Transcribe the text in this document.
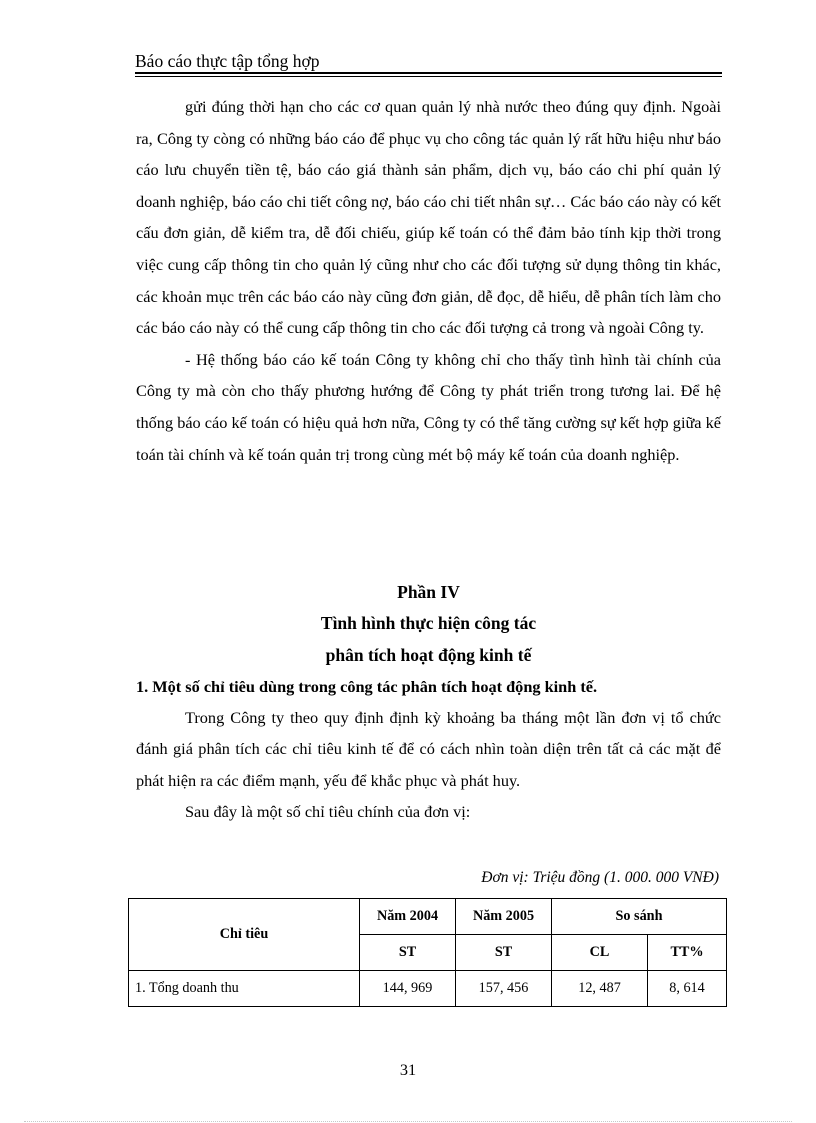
Báo cáo thực tập tổng hợp

gửi đúng thời hạn cho các cơ quan quản lý nhà nước theo đúng quy định. Ngoài ra, Công ty còng có những báo cáo để phục vụ cho công tác quản lý rất hữu hiệu như báo cáo lưu chuyển tiền tệ, báo cáo giá thành sản phẩm, dịch vụ, báo cáo chi phí quản lý doanh nghiệp, báo cáo chi tiết công nợ, báo cáo chi tiết nhân sự… Các báo cáo này có kết cấu đơn giản, dễ kiểm tra, dễ đối chiếu, giúp kế toán có thể đảm bảo tính kịp thời trong việc cung cấp thông tin cho quản lý cũng như cho các đối tượng sử dụng thông tin khác, các khoản mục trên các báo cáo này cũng đơn giản, dễ đọc, dễ hiểu, dễ phân tích làm cho các báo cáo này có thể cung cấp thông tin cho các đối tượng cả trong và ngoài Công ty.

- Hệ thống báo cáo kế toán Công ty không chỉ cho thấy tình hình tài chính của Công ty mà còn cho thấy phương hướng để Công ty phát triển trong tương lai. Để hệ thống báo cáo kế toán có hiệu quả hơn nữa, Công ty có thể tăng cường sự kết hợp giữa kế toán tài chính và kế toán quản trị trong cùng mét bộ máy kế toán của doanh nghiệp.

Phần IV
Tình hình thực hiện công tác
phân tích hoạt động kinh tế
1. Một số chỉ tiêu dùng trong công tác phân tích hoạt động kinh tế.

Trong Công ty theo quy định định kỳ khoảng ba tháng một lần đơn vị tổ chức đánh giá phân tích các chỉ tiêu kinh tế để có cách nhìn toàn diện trên tất cả các mặt để phát hiện ra các điểm mạnh, yếu để khắc phục và phát huy.

Sau đây là một số chỉ tiêu chính của đơn vị:

Đơn vị: Triệu đồng (1. 000. 000 VNĐ)
Chỉ tiêu	Năm 2004	Năm 2005	So sánh	
	ST	ST	CL	TT%
1. Tổng doanh thu	144, 969	157, 456	12, 487	8, 614
31
